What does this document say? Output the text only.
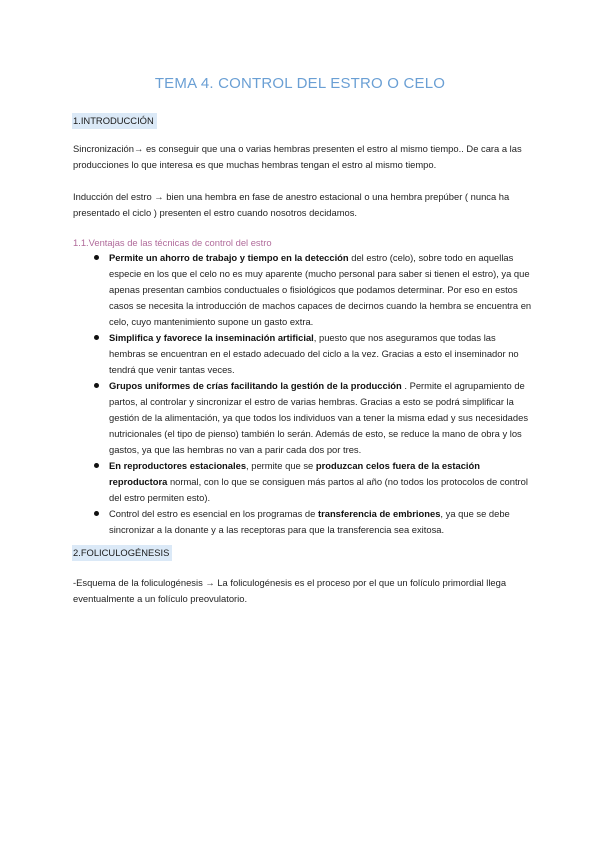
TEMA 4. CONTROL DEL ESTRO O CELO
1.INTRODUCCIÓN

Sincronización→ es conseguir que una o varias hembras presenten el estro al mismo tiempo.. De cara a las producciones lo que interesa es que muchas hembras tengan el estro al mismo tiempo.

Inducción del estro → bien una hembra en fase de anestro estacional o una hembra prepúber ( nunca ha presentado el ciclo ) presenten el estro cuando nosotros decidamos.

1.1.Ventajas de las técnicas de control del estro
Permite un ahorro de trabajo y tiempo en la detección del estro (celo), sobre todo en aquellas especie en los que el celo no es muy aparente (mucho personal para saber si tienen el estro), ya que apenas presentan cambios conductuales o fisiológicos que podamos determinar. Por eso en estos casos se necesita la introducción de machos capaces de decirnos cuando la hembra se encuentra en celo, cuyo mantenimiento supone un gasto extra.
Simplifica y favorece la inseminación artificial, puesto que nos aseguramos que todas las hembras se encuentran en el estado adecuado del ciclo a la vez. Gracias a esto el inseminador no tendrá que venir tantas veces.
Grupos uniformes de crías facilitando la gestión de la producción . Permite el agrupamiento de partos, al controlar y sincronizar el estro de varias hembras. Gracias a esto se podrá simplificar la gestión de la alimentación, ya que todos los individuos van a tener la misma edad y sus necesidades nutricionales (el tipo de pienso) también lo serán. Además de esto, se reduce la mano de obra y los gastos, ya que las hembras no van a parir cada dos por tres.
En reproductores estacionales, permite que se produzcan celos fuera de la estación reproductora normal, con lo que se consiguen más partos al año (no todos los protocolos de control del estro permiten esto).
Control del estro es esencial en los programas de transferencia de embriones, ya que se debe sincronizar a la donante y a las receptoras para que la transferencia sea exitosa.
2.FOLICULOGÉNESIS

-Esquema de la foliculogénesis → La foliculogénesis es el proceso por el que un folículo primordial llega eventualmente a un folículo preovulatorio.
